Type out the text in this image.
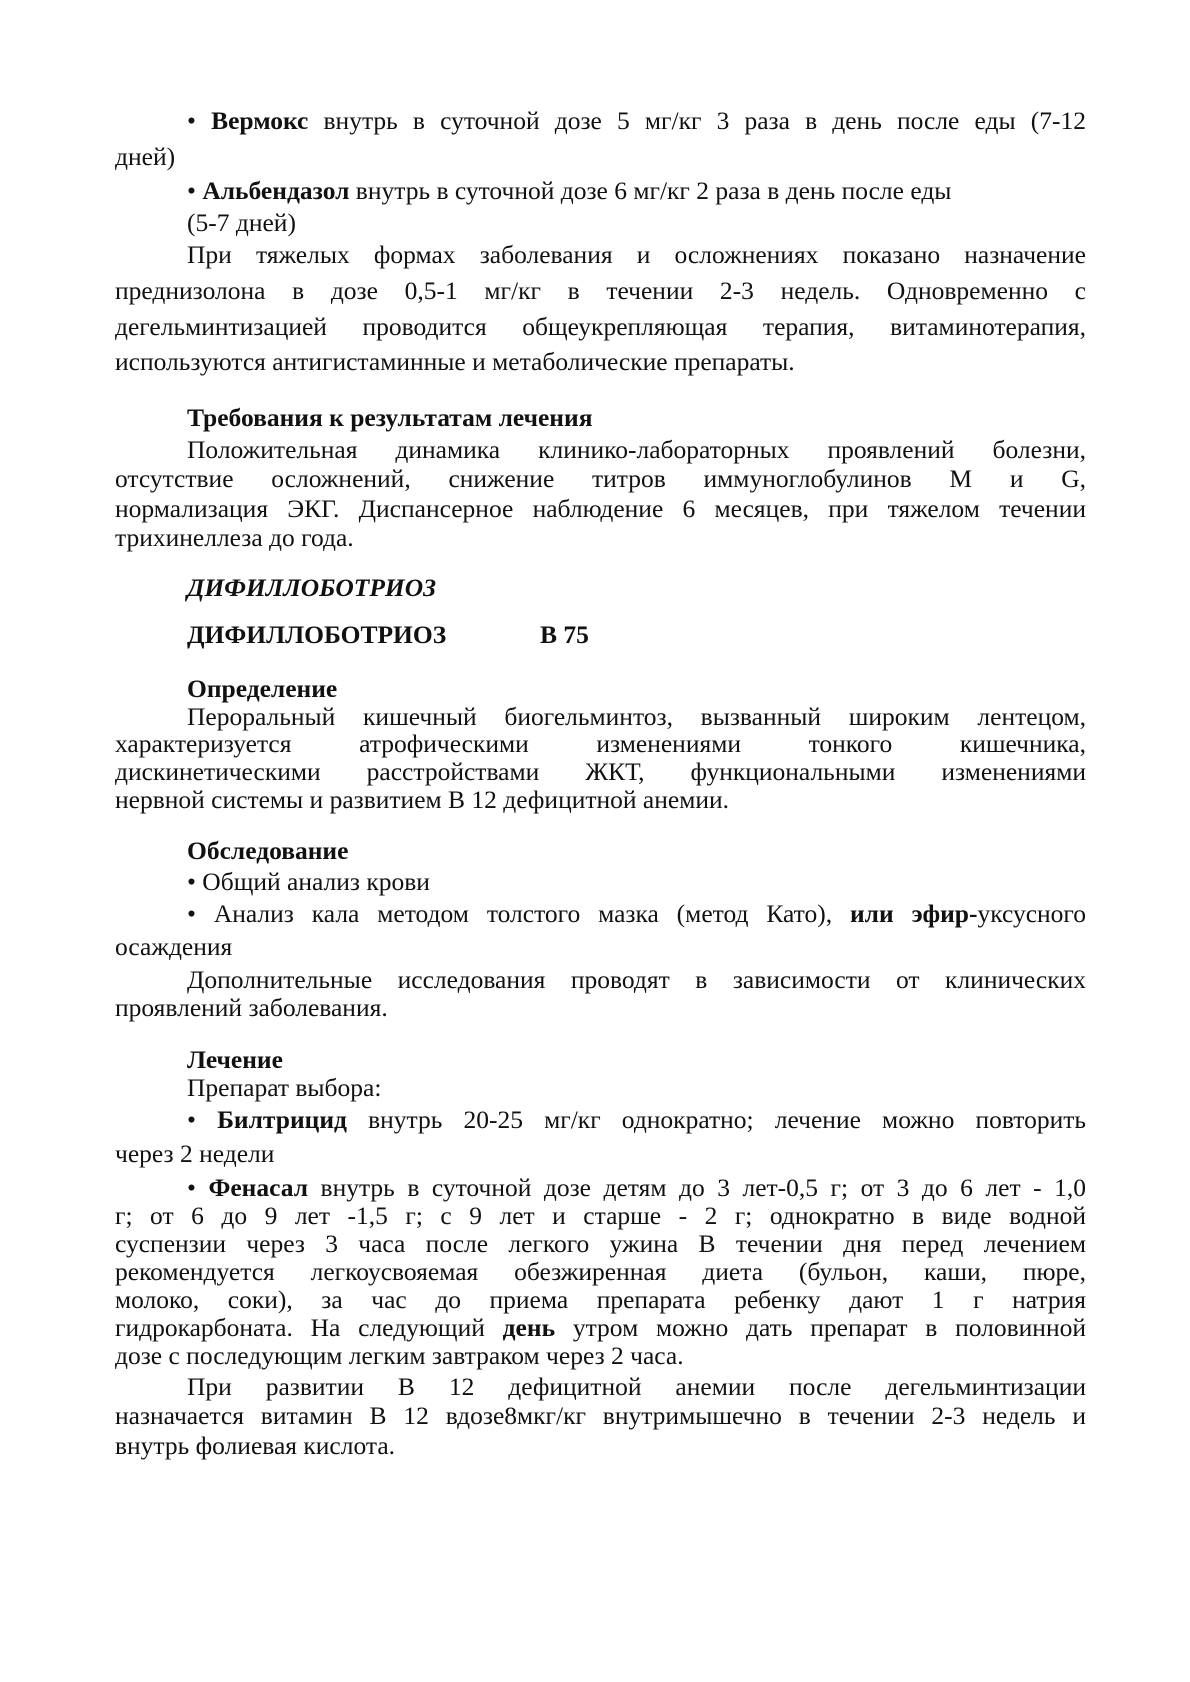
• Вермокс внутрь в суточной дозе 5 мг/кг 3 раза в день после еды (7-12
дней)
• Альбендазол внутрь в суточной дозе 6 мг/кг 2 раза в день после еды
(5-7 дней)
При тяжелых формах заболевания и осложнениях показано назначение
преднизолона в дозе 0,5-1 мг/кг в течении 2-3 недель. Одновременно с
дегельминтизацией проводится общеукрепляющая терапия, витаминотерапия,
используются антигистаминные и метаболические препараты.
Требования к результатам лечения
Положительная динамика клинико-лабораторных проявлений болезни,
отсутствие осложнений, снижение титров иммуноглобулинов М и G,
нормализация ЭКГ. Диспансерное наблюдение 6 месяцев, при тяжелом течении
трихинеллеза до года.
ДИФИЛЛОБОТРИОЗ
ДИФИЛЛОБОТРИОЗ	В 75
Определение
Пероральный кишечный биогельминтоз, вызванный широким лентецом,
характеризуется атрофическими изменениями тонкого кишечника,
дискинетическими расстройствами ЖКТ, функциональными изменениями
нервной системы и развитием В 12 дефицитной анемии.
Обследование
• Общий анализ крови
• Анализ кала методом толстого мазка (метод Като), или эфир-уксусного
осаждения
Дополнительные исследования проводят в зависимости от клинических
проявлений заболевания.
Лечение
Препарат выбора:
• Билтрицид внутрь 20-25 мг/кг однократно; лечение можно повторить
через 2 недели
• Фенасал внутрь в суточной дозе детям до 3 лет-0,5 г; от 3 до 6 лет - 1,0
г; от 6 до 9 лет -1,5 г; с 9 лет и старше - 2 г; однократно в виде водной
суспензии через 3 часа после легкого ужина В течении дня перед лечением
рекомендуется легкоусвояемая обезжиренная диета (бульон, каши, пюре,
молоко, соки), за час до приема препарата ребенку дают 1 г натрия
гидрокарбоната. На следующий день утром можно дать препарат в половинной
дозе с последующим легким завтраком через 2 часа.
При развитии В 12 дефицитной анемии после дегельминтизации
назначается витамин В 12 вдозе8мкг/кг внутримышечно в течении 2-3 недель и
внутрь фолиевая кислота.
